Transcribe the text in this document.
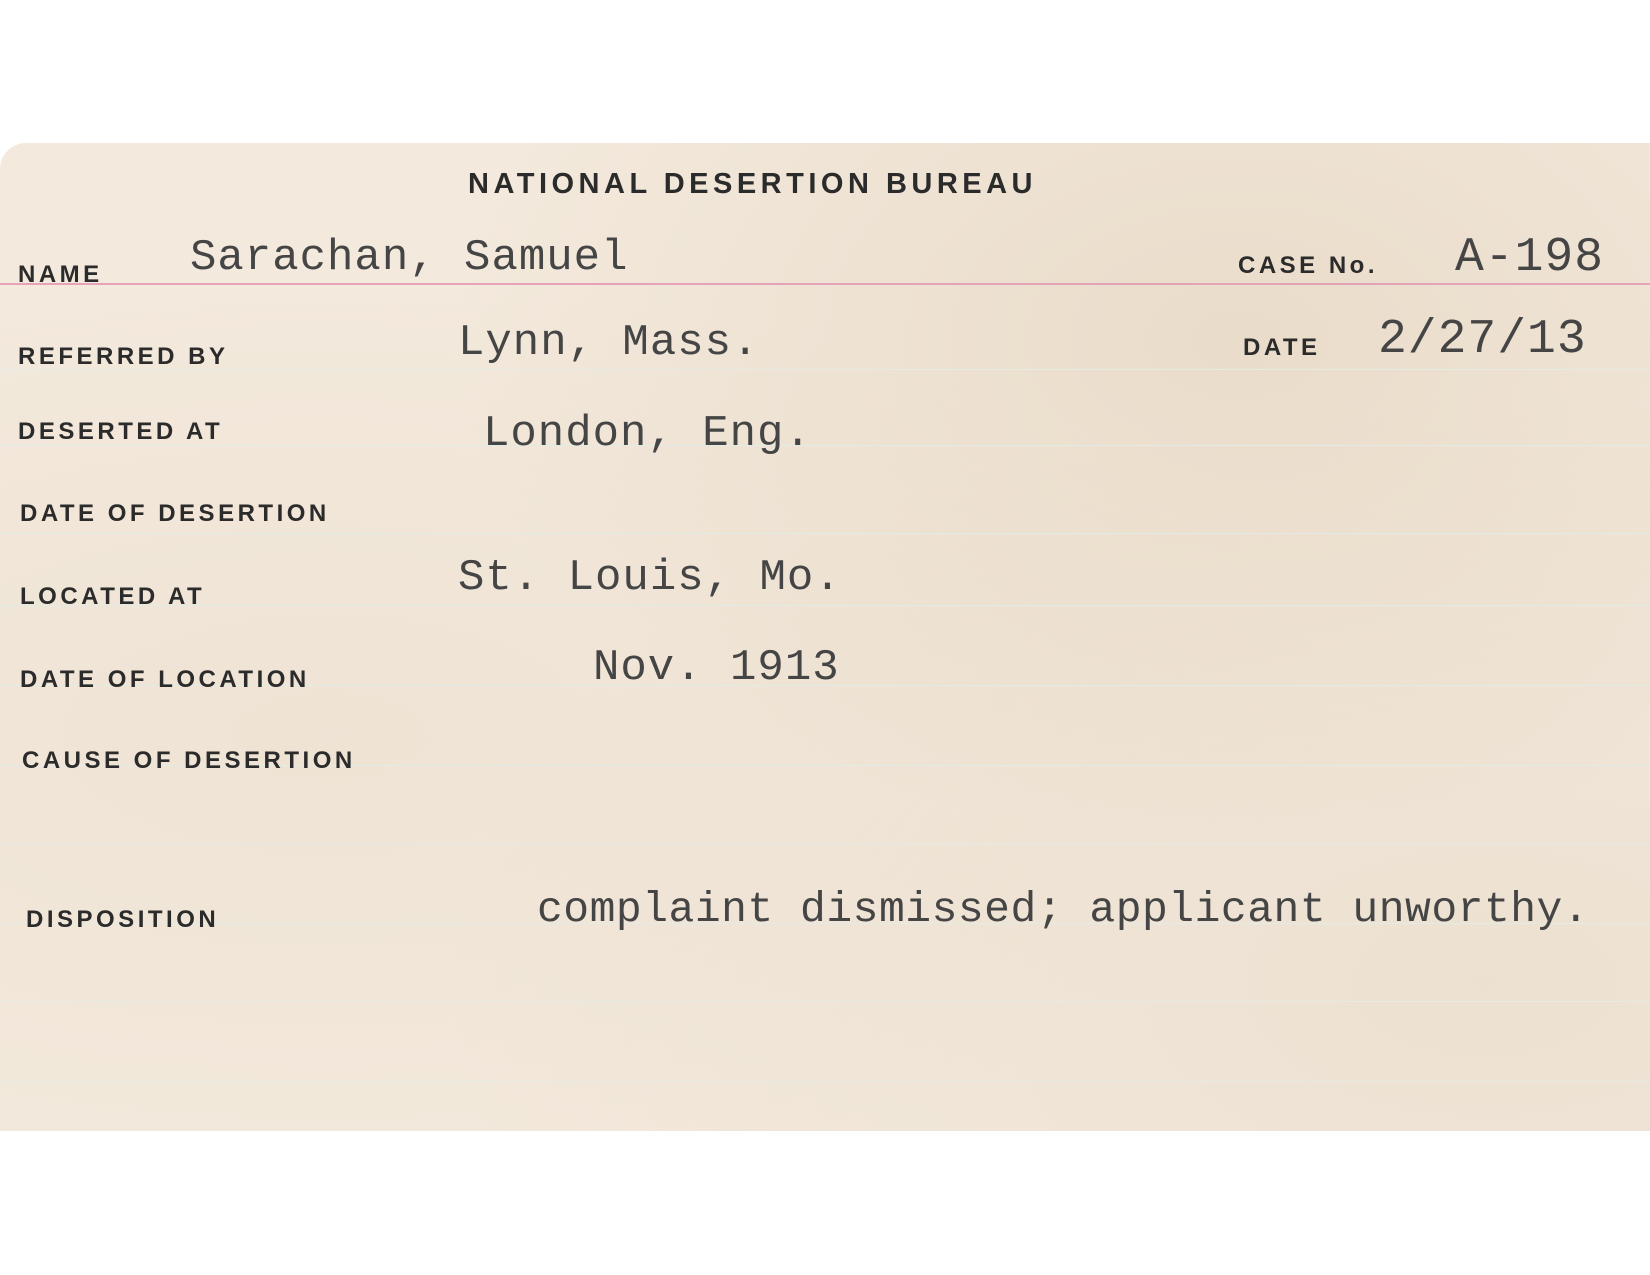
NATIONAL DESERTION BUREAU
NAME Sarachan, Samuel	CASE No. A-198
REFERRED BY	Lynn, Mass.	DATE 2/27/13
DESERTED AT	London, Eng.
DATE OF DESERTION
LOCATED AT	St. Louis, Mo.
DATE OF LOCATION	Nov. 1913
CAUSE OF DESERTION
DISPOSITION	complaint dismissed; applicant unworthy.
